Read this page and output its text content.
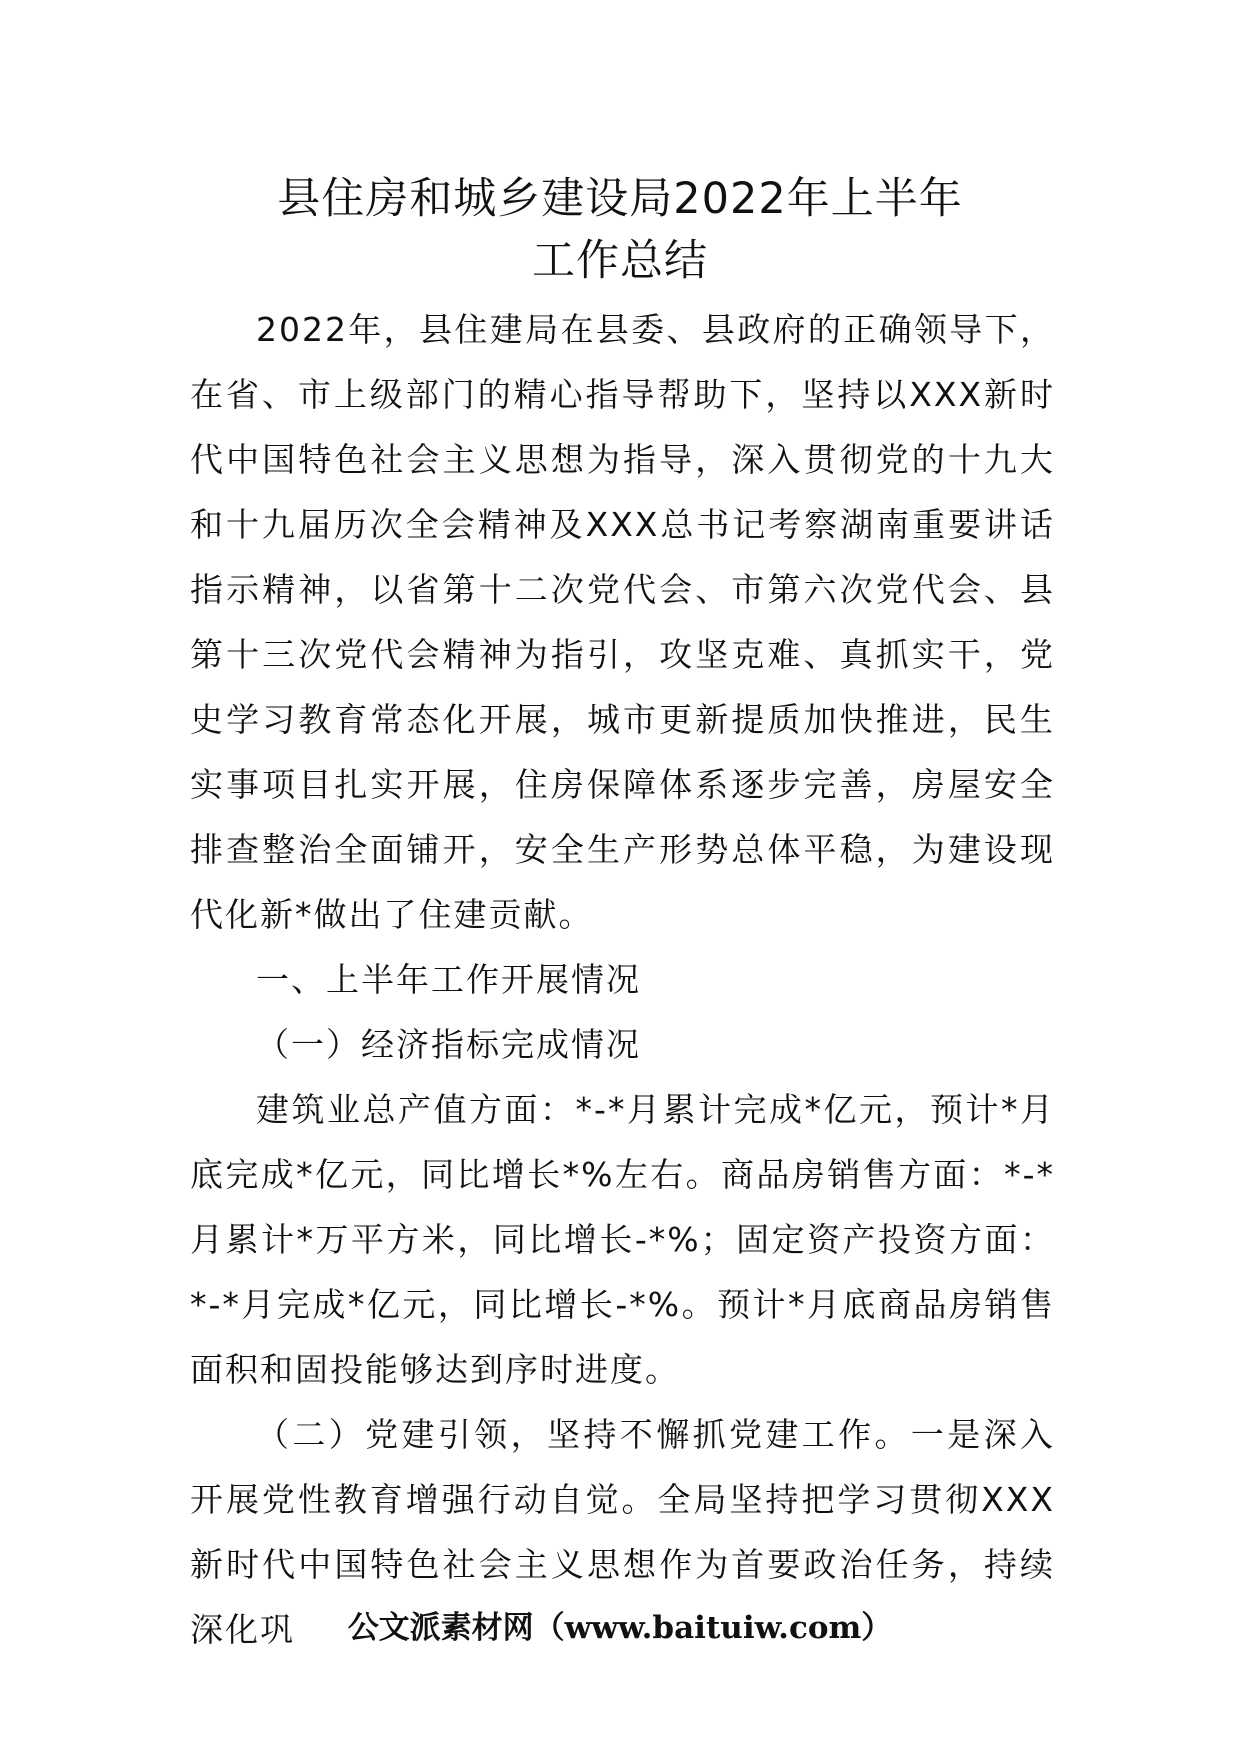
县住房和城乡建设局2022年上半年
工作总结

2022年，县住建局在县委、县政府的正确领导下，在省、市上级部门的精心指导帮助下，坚持以XXX新时代中国特色社会主义思想为指导，深入贯彻党的十九大和十九届历次全会精神及XXX总书记考察湖南重要讲话指示精神，以省第十二次党代会、市第六次党代会、县第十三次党代会精神为指引，攻坚克难、真抓实干，党史学习教育常态化开展，城市更新提质加快推进，民生实事项目扎实开展，住房保障体系逐步完善，房屋安全排查整治全面铺开，安全生产形势总体平稳，为建设现代化新*做出了住建贡献。

一、上半年工作开展情况

（一）经济指标完成情况

建筑业总产值方面：*-*月累计完成*亿元，预计*月底完成*亿元，同比增长*%左右。商品房销售方面：*-*月累计*万平方米，同比增长-*%；固定资产投资方面：*-*月完成*亿元，同比增长-*%。预计*月底商品房销售面积和固投能够达到序时进度。

（二）党建引领，坚持不懈抓党建工作。一是深入开展党性教育增强行动自觉。全局坚持把学习贯彻XXX新时代中国特色社会主义思想作为首要政治任务，持续深化巩	公文派素材网（www.baituiw.com）
